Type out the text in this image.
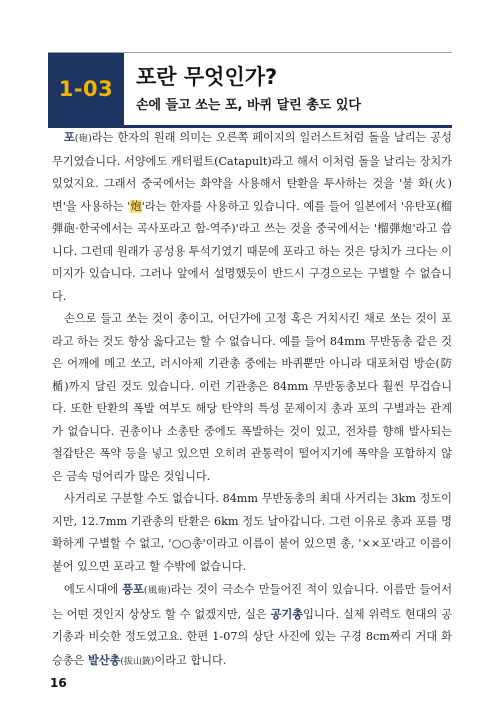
1-03 포란 무엇인가?
손에 들고 쏘는 포, 바퀴 달린 총도 있다

포(砲)라는 한자의 원래 의미는 오른쪽 페이지의 일러스트처럼 돌을 날리는 공성 무기였습니다. 서양에도 캐터펄트(Catapult)라고 해서 이처럼 돌을 날리는 장치가 있었지요. 그래서 중국에서는 화약을 사용해서 탄환을 투사하는 것을 '불 화(火)변'을 사용하는 '炮'라는 한자를 사용하고 있습니다. 예를 들어 일본에서 '유탄포(榴弾砲·한국에서는 곡사포라고 함-역주)'라고 쓰는 것을 중국에서는 '榴弾炮'라고 씁니다. 그런데 원래가 공성용 투석기였기 때문에 포라고 하는 것은 당치가 크다는 이미지가 있습니다. 그러나 앞에서 설명했듯이 반드시 구경으로는 구별할 수 없습니다.

손으로 들고 쏘는 것이 총이고, 어딘가에 고정 혹은 거치시킨 채로 쏘는 것이 포라고 하는 것도 항상 옳다고는 할 수 없습니다. 예를 들어 84mm 무반동총 같은 것은 어깨에 메고 쏘고, 러시아제 기관총 중에는 바퀴뿐만 아니라 대포처럼 방순(防楯)까지 달린 것도 있습니다. 이런 기관총은 84mm 무반동총보다 훨씬 무겁습니다. 또한 탄환의 폭발 여부도 해당 탄약의 특성 문제이지 총과 포의 구별과는 관계가 없습니다. 권총이나 소총탄 중에도 폭발하는 것이 있고, 전차를 향해 발사되는 철갑탄은 폭약 등을 넣고 있으면 오히려 관통력이 떨어지기에 폭약을 포함하지 않은 금속 덩어리가 많은 것입니다.

사거리로 구분할 수도 없습니다. 84mm 무반동총의 최대 사거리는 3km 정도이지만, 12.7mm 기관총의 탄환은 6km 정도 날아갑니다. 그런 이유로 총과 포를 명확하게 구별할 수 없고, '○○총'이라고 이름이 붙어 있으면 총, '××포'라고 이름이 붙어 있으면 포라고 할 수밖에 없습니다.

에도시대에 풍포(風砲)라는 것이 극소수 만들어진 적이 있습니다. 이름만 들어서는 어떤 것인지 상상도 할 수 없겠지만, 실은 공기총입니다. 실제 위력도 현대의 공기총과 비슷한 정도였고요. 한편 1-07의 상단 사진에 있는 구경 8cm짜리 거대 화승총은 발산총(拔山銃)이라고 합니다.

16
